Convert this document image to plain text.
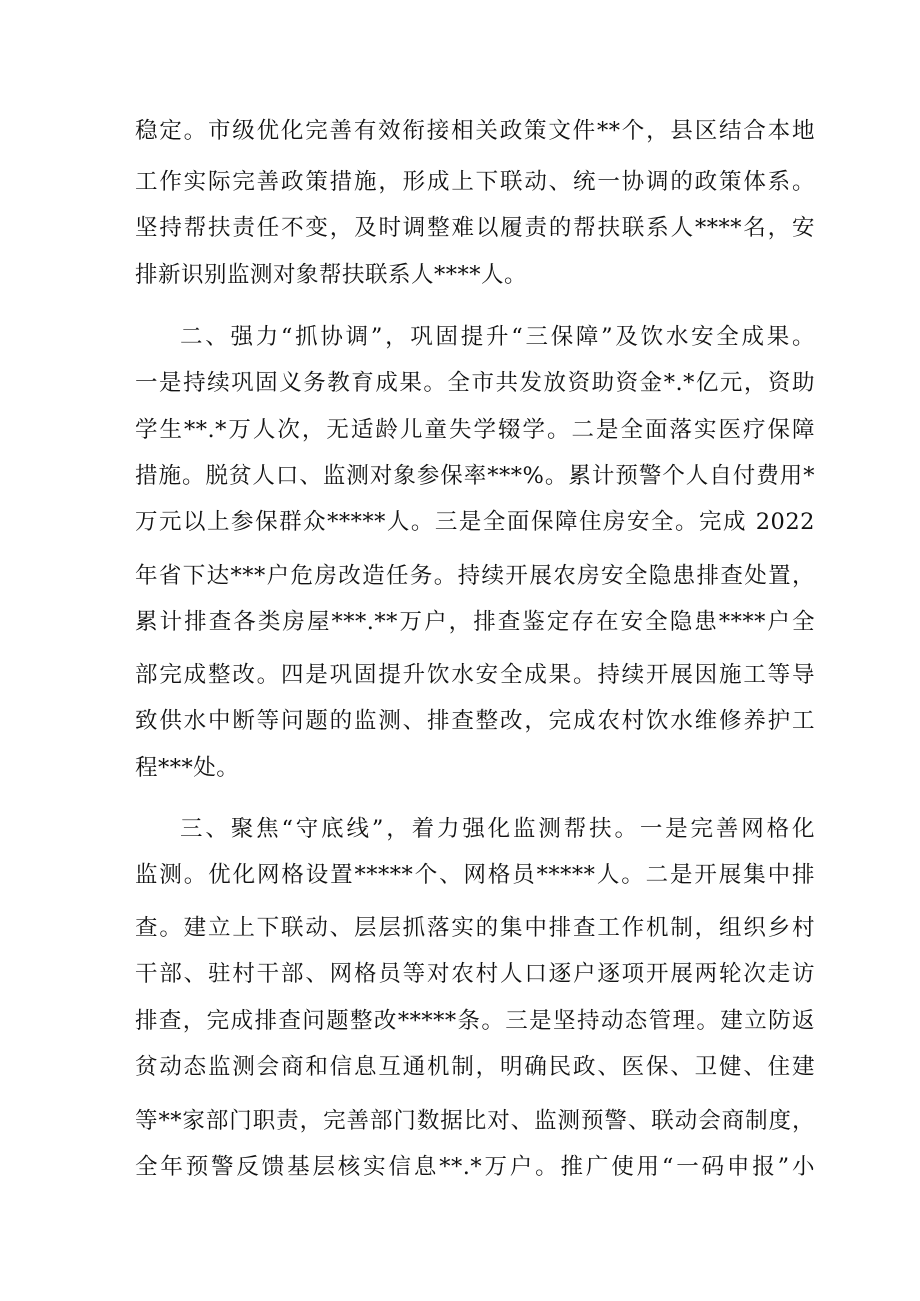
稳定。市级优化完善有效衔接相关政策文件**个，县区结合本地
工作实际完善政策措施，形成上下联动、统一协调的政策体系。
坚持帮扶责任不变，及时调整难以履责的帮扶联系人****名，安
排新识别监测对象帮扶联系人****人。
二、强力“抓协调”，巩固提升“三保障”及饮水安全成果。
一是持续巩固义务教育成果。全市共发放资助资金*.*亿元，资助
学生**.*万人次，无适龄儿童失学辍学。二是全面落实医疗保障
措施。脱贫人口、监测对象参保率***%。累计预警个人自付费用*
万元以上参保群众*****人。三是全面保障住房安全。完成 2022
年省下达***户危房改造任务。持续开展农房安全隐患排查处置，
累计排查各类房屋***.**万户，排查鉴定存在安全隐患****户全
部完成整改。四是巩固提升饮水安全成果。持续开展因施工等导
致供水中断等问题的监测、排查整改，完成农村饮水维修养护工
程***处。
三、聚焦“守底线”，着力强化监测帮扶。一是完善网格化
监测。优化网格设置*****个、网格员*****人。二是开展集中排
查。建立上下联动、层层抓落实的集中排查工作机制，组织乡村
干部、驻村干部、网格员等对农村人口逐户逐项开展两轮次走访
排查，完成排查问题整改*****条。三是坚持动态管理。建立防返
贫动态监测会商和信息互通机制，明确民政、医保、卫健、住建
等**家部门职责，完善部门数据比对、监测预警、联动会商制度，
全年预警反馈基层核实信息**.*万户。推广使用“一码申报”小
